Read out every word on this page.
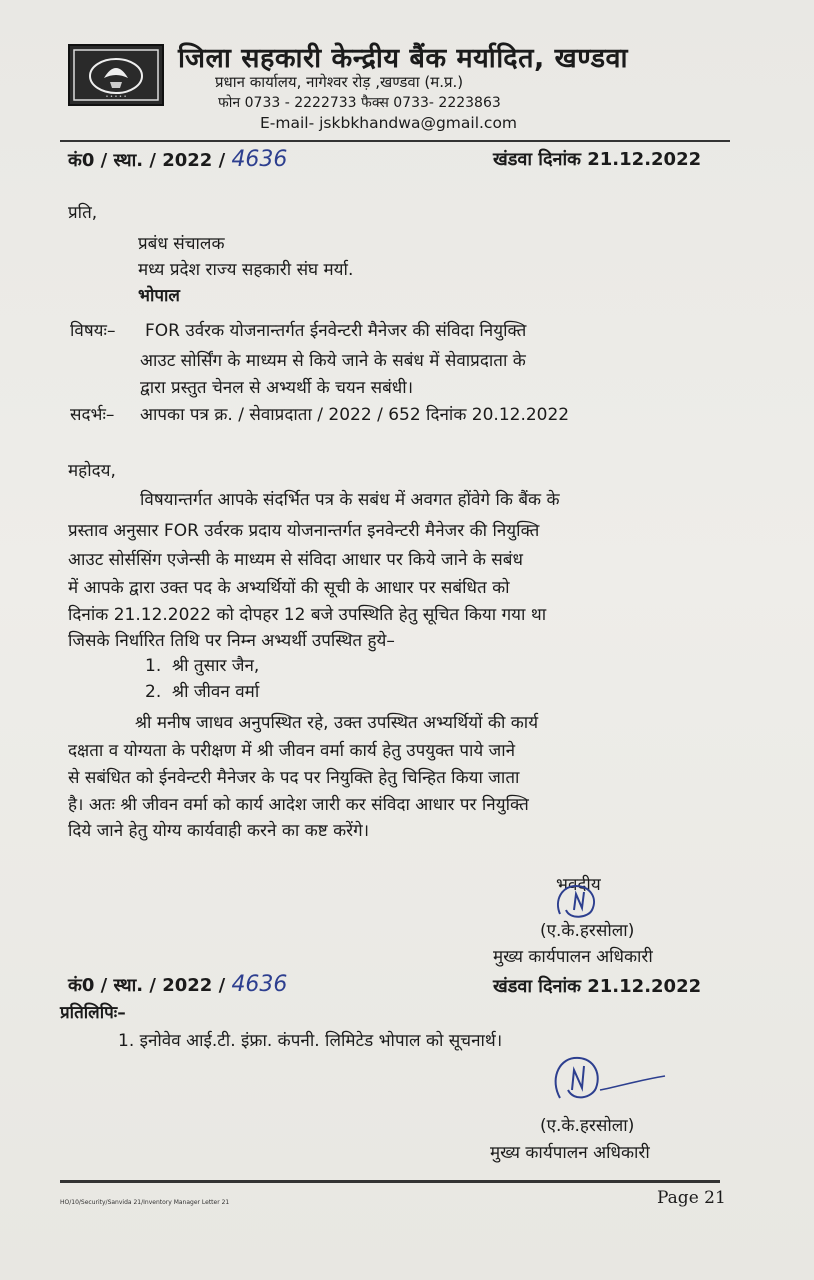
• • • • •
जिला सहकारी केन्द्रीय बैंक मर्यादित, खण्डवा
प्रधान कार्यालय, नागेश्वर रोड़ ,खण्डवा (म.प्र.)
फोन 0733 - 2222733 फैक्स 0733- 2223863
E-mail- jskbkhandwa@gmail.com
कं0 / स्था. / 2022 / 4636	खंडवा दिनांक 21.12.2022
प्रति,
प्रबंध संचालक
मध्य प्रदेश राज्य सहकारी संघ मर्या.
भोपाल
विषयः– FOR उर्वरक योजनान्तर्गत ईनवेन्टरी मैनेजर की संविदा नियुक्ति
आउट सोर्सिंग के माध्यम से किये जाने के सबंध में सेवाप्रदाता के
द्वारा प्रस्तुत चेनल से अभ्यर्थी के चयन सबंधी।
सदर्भः– आपका पत्र क्र. / सेवाप्रदाता / 2022 / 652 दिनांक 20.12.2022
महोदय,
विषयान्तर्गत आपके संदर्भित पत्र के सबंध में अवगत होंवेगे कि बैंक के
प्रस्ताव अनुसार FOR उर्वरक प्रदाय योजनान्तर्गत इनवेन्टरी मैनेजर की नियुक्ति
आउट सोर्ससिंग एजेन्सी के माध्यम से संविदा आधार पर किये जाने के सबंध
में आपके द्वारा उक्त पद के अभ्यर्थियों की सूची के आधार पर सबंधित को
दिनांक 21.12.2022 को दोपहर 12 बजे उपस्थिति हेतु सूचित किया गया था
जिसके निर्धारित तिथि पर निम्न अभ्यर्थी उपस्थित हुये–
1. श्री तुसार जैन,
2. श्री जीवन वर्मा
श्री मनीष जाधव अनुपस्थित रहे, उक्त उपस्थित अभ्यर्थियों की कार्य
दक्षता व योग्यता के परीक्षण में श्री जीवन वर्मा कार्य हेतु उपयुक्त पाये जाने
से सबंधित को ईनवेन्टरी मैनेजर के पद पर नियुक्ति हेतु चिन्हित किया जाता
है। अतः श्री जीवन वर्मा को कार्य आदेश जारी कर संविदा आधार पर नियुक्ति
दिये जाने हेतु योग्य कार्यवाही करने का कष्ट करेंगे।
भवदीय
(ए.के.हरसोला)
मुख्य कार्यपालन अधिकारी
कं0 / स्था. / 2022 / 4636	खंडवा दिनांक 21.12.2022
प्रतिलिपिः–
1. इनोवेव आई.टी. इंफ्रा. कंपनी. लिमिटेड भोपाल को सूचनार्थ।
(ए.के.हरसोला)
मुख्य कार्यपालन अधिकारी
HO/10/Security/Sanvida 21/Inventory Manager Letter 21	Page 21
